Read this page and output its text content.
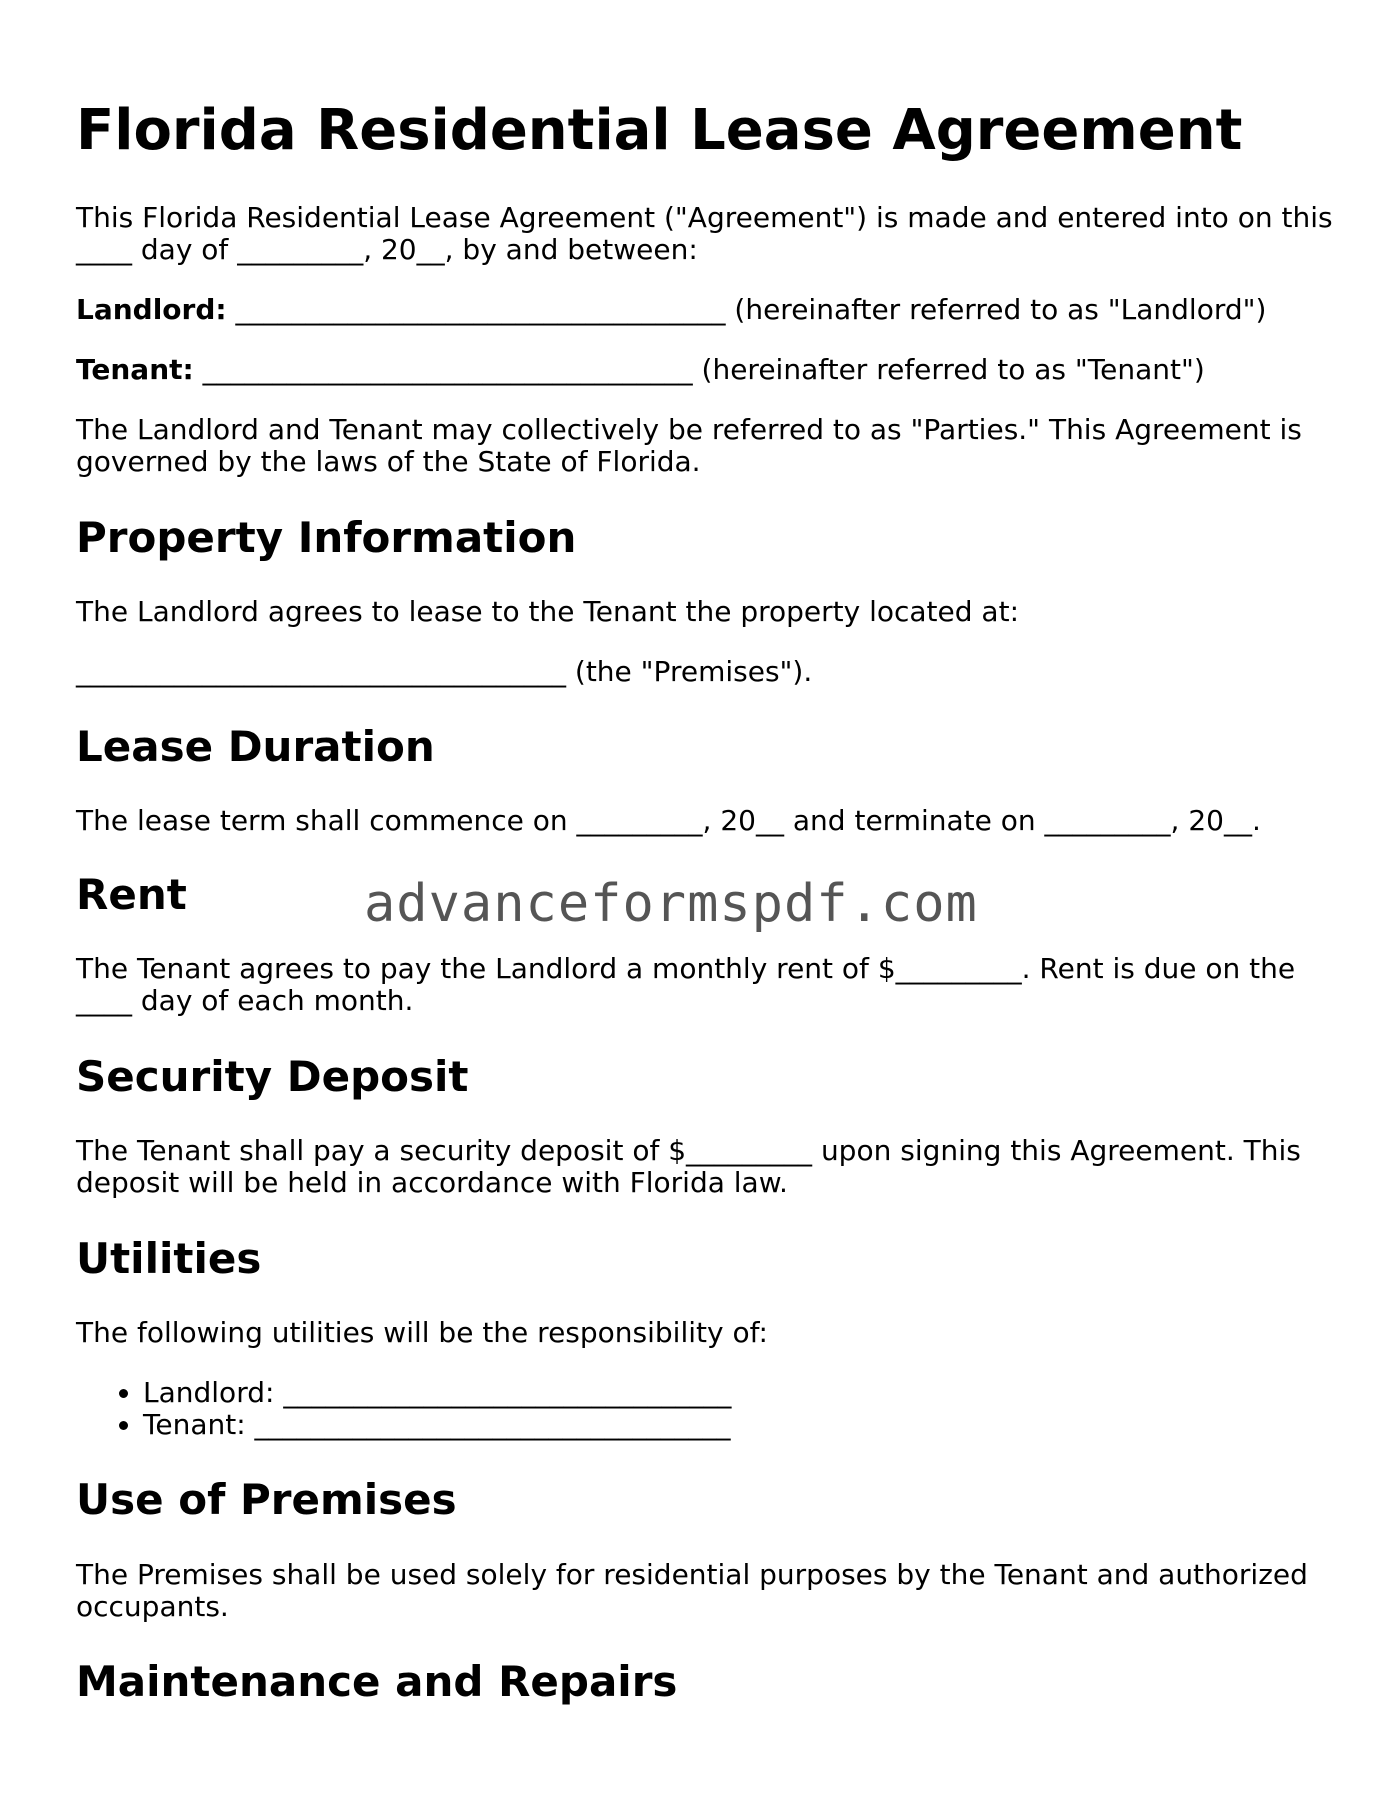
Florida Residential Lease Agreement

This Florida Residential Lease Agreement ("Agreement") is made and entered into on this
____ day of _________, 20__, by and between:

Landlord: ___________________________________ (hereinafter referred to as "Landlord")

Tenant: ___________________________________ (hereinafter referred to as "Tenant")

The Landlord and Tenant may collectively be referred to as "Parties." This Agreement is
governed by the laws of the State of Florida.

Property Information

The Landlord agrees to lease to the Tenant the property located at:

___________________________________ (the "Premises").

Lease Duration

The lease term shall commence on _________, 20__ and terminate on _________, 20__.

Rent

The Tenant agrees to pay the Landlord a monthly rent of $_________. Rent is due on the
____ day of each month.

Security Deposit

The Tenant shall pay a security deposit of $_________ upon signing this Agreement. This
deposit will be held in accordance with Florida law.

Utilities

The following utilities will be the responsibility of:

• Landlord: ________________________________
• Tenant: __________________________________
Use of Premises

The Premises shall be used solely for residential purposes by the Tenant and authorized
occupants.

Maintenance and Repairs
advanceformspdf.com
